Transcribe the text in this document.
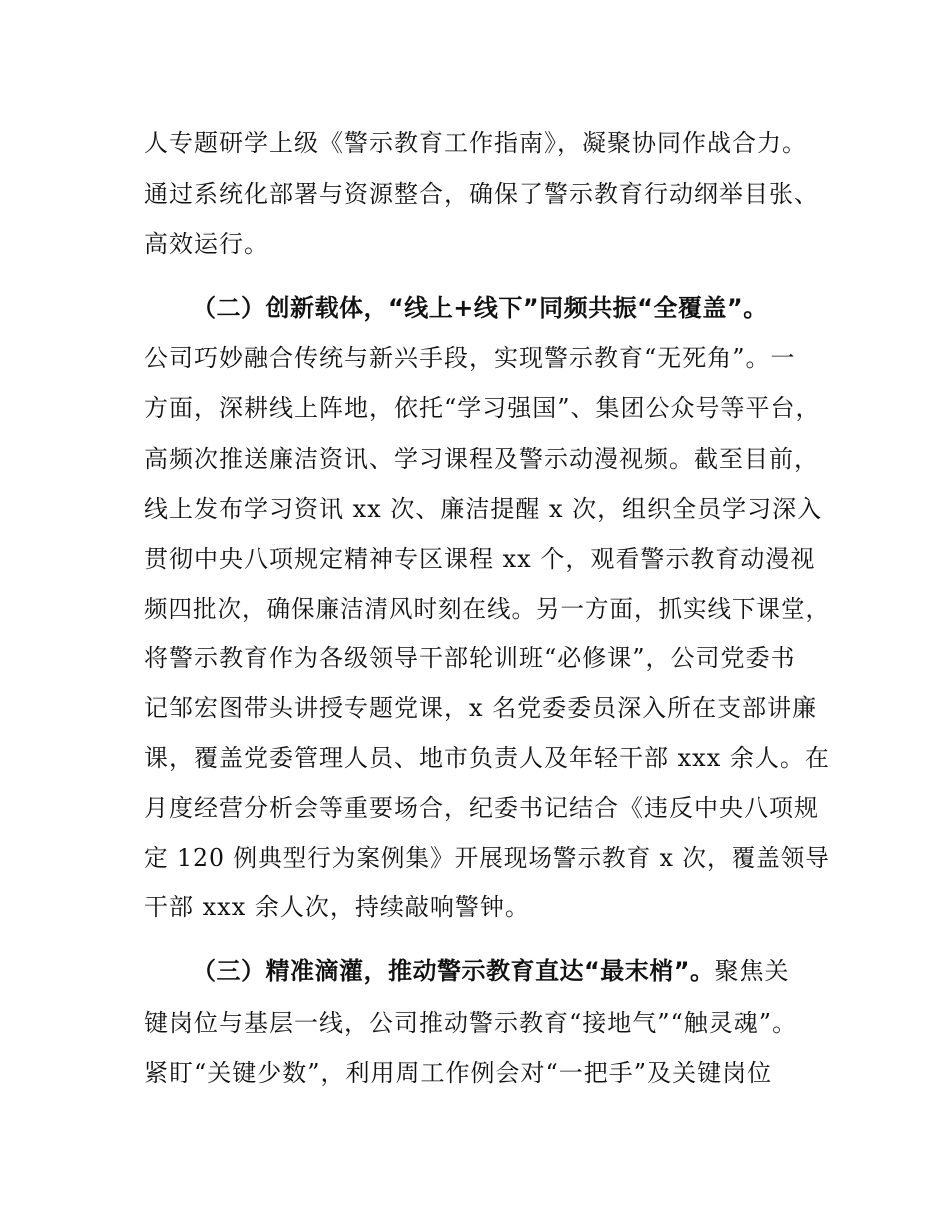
人专题研学上级《警示教育工作指南》，凝聚协同作战合力。
通过系统化部署与资源整合，确保了警示教育行动纲举目张、
高效运行。
（二）创新载体，“线上+线下”同频共振“全覆盖”。
公司巧妙融合传统与新兴手段，实现警示教育“无死角”。一
方面，深耕线上阵地，依托“学习强国”、集团公众号等平台，
高频次推送廉洁资讯、学习课程及警示动漫视频。截至目前，
线上发布学习资讯 xx 次、廉洁提醒 x 次，组织全员学习深入
贯彻中央八项规定精神专区课程 xx 个，观看警示教育动漫视
频四批次，确保廉洁清风时刻在线。另一方面，抓实线下课堂，
将警示教育作为各级领导干部轮训班“必修课”，公司党委书
记邹宏图带头讲授专题党课，x 名党委委员深入所在支部讲廉
课，覆盖党委管理人员、地市负责人及年轻干部 xxx 余人。在
月度经营分析会等重要场合，纪委书记结合《违反中央八项规
定 120 例典型行为案例集》开展现场警示教育 x 次，覆盖领导
干部 xxx 余人次，持续敲响警钟。
（三）精准滴灌，推动警示教育直达“最末梢”。聚焦关
键岗位与基层一线，公司推动警示教育“接地气”“触灵魂”。
紧盯“关键少数”，利用周工作例会对“一把手”及关键岗位
